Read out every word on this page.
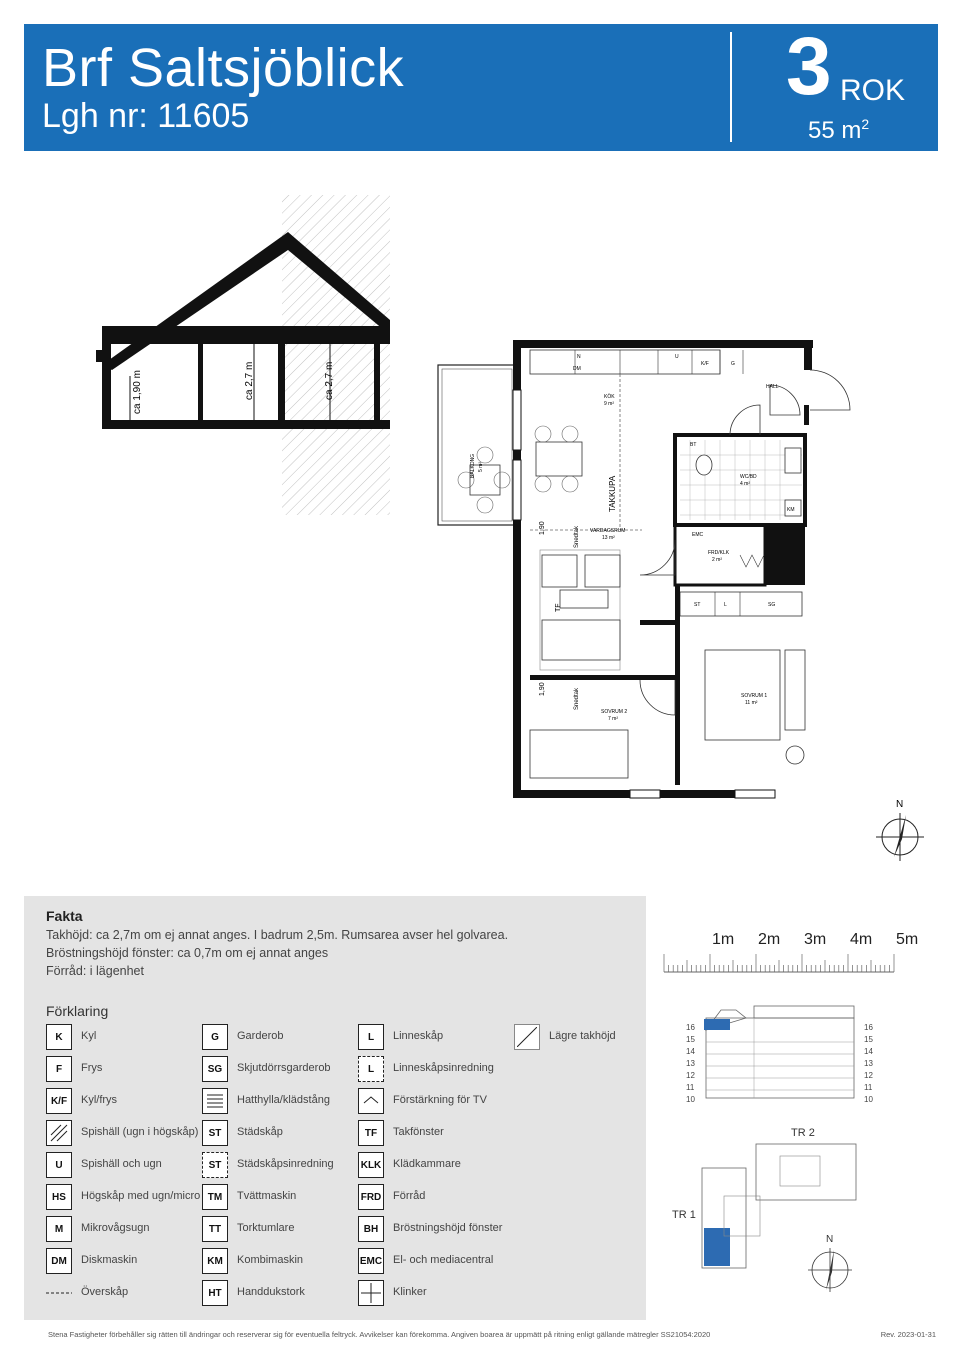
Brf Saltsjöblick
Lgh nr: 11605
3 ROK
55 $m^2$
ca 1,90 m	ca 2,7 m	ca 2,7 m
N
DM
U
K/F	G
KM
BT
EMC
ST	L	SG
KÖK
9 m²
HALL
VARDAGSRUM
13 m²
BALKONG 5 m²
WC/BD
4 m²
FRD/KLK
2 m²
SOVRUM 1
11 m²
SOVRUM 2
7 m²
TAKKUPA
Snedtak
Snedtak
1,90
1,90
TF
N
Fakta
Takhöjd: ca 2,7m om ej annat anges. I badrum 2,5m. Rumsarea avser hel golvarea.
Bröstningshöjd fönster: ca 0,7m om ej annat anges
Förråd: i lägenhet
Förklaring
K	Kyl
F	Frys
K/F	Kyl/frys
Spishäll (ugn i högskåp)
U	Spishäll och ugn
HS	Högskåp med ugn/micro
M	Mikrovågsugn
DM	Diskmaskin
Överskåp
G	Garderob
SG	Skjutdörrsgarderob
Hatthylla/klädstång
ST	Städskåp
ST	Städskåpsinredning
TM	Tvättmaskin
TT	Torktumlare
KM	Kombimaskin
HT	Handdukstork
L	Linneskåp
L	Linneskåpsinredning
Förstärkning för TV
TF	Takfönster
KLK Klädkammare
FRD Förråd
BH	Bröstningshöjd fönster
EMC El- och mediacentral
Klinker
Lägre takhöjd
1m 2m 3m 4m 5m
16
15
14
13
12
11
10
16
15
14
13
12
11
10
TR 2
TR 1
N
Stena Fastigheter förbehåller sig rätten till ändringar och reserverar sig för eventuella feltryck. Avvikelser kan förekomma. Angiven boarea är uppmätt på ritning enligt gällande mätregler SS21054:2020	Rev. 2023-01-31
